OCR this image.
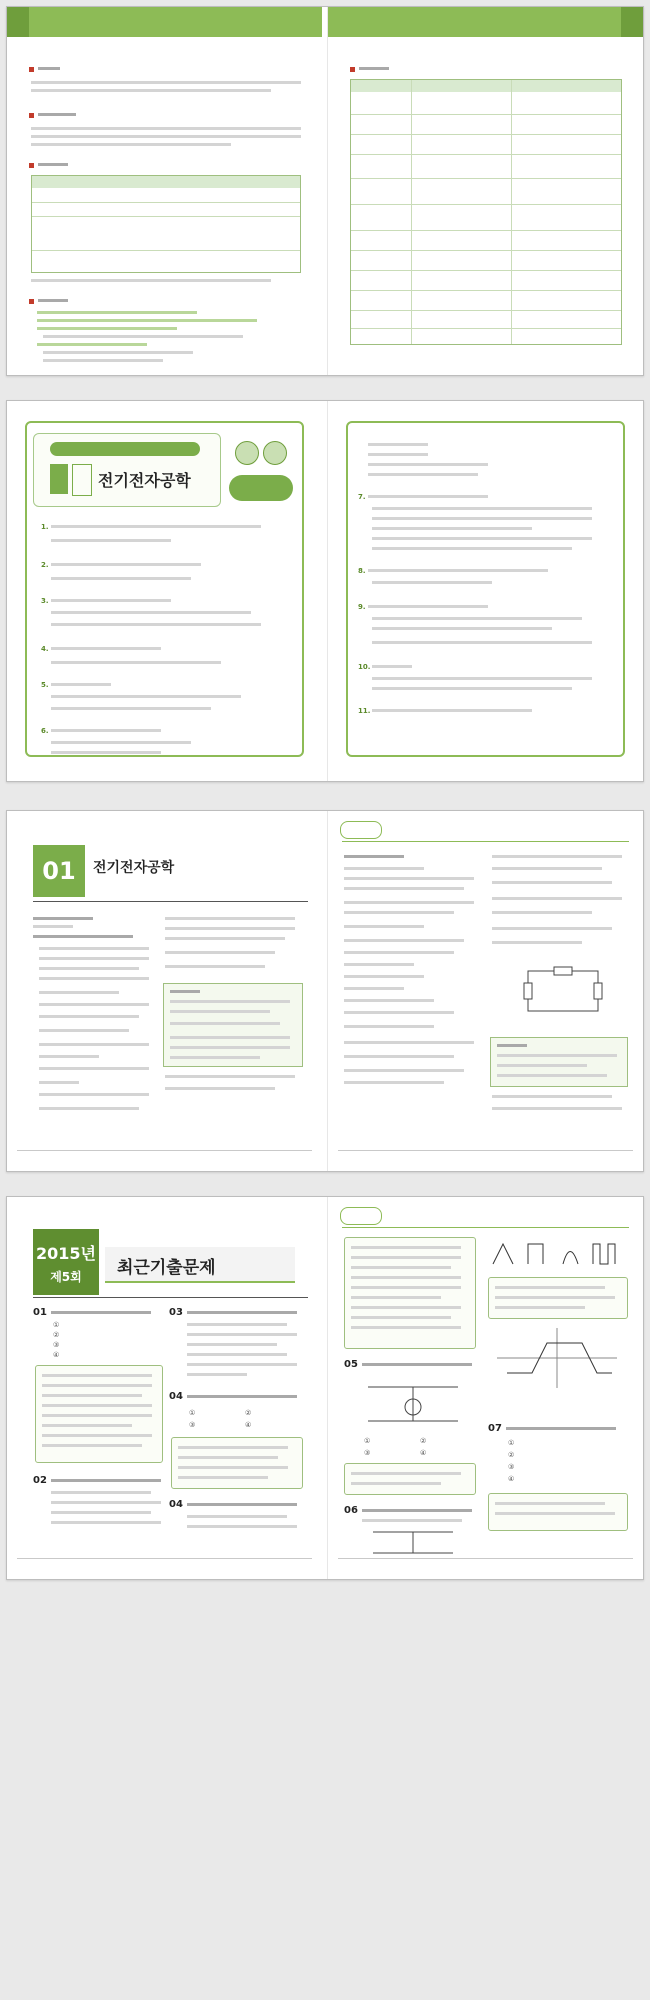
전기전자공학
1.
2.
3.
4.
5.
6.
7.
8.
9.
10.
11.
01	전기전자공학
2015년
제5회	최근기출문제
01
①
②
③
④
02
03
04
①	②
③	④
04
05
①	②
③	④
06
07
①
②
③
④
